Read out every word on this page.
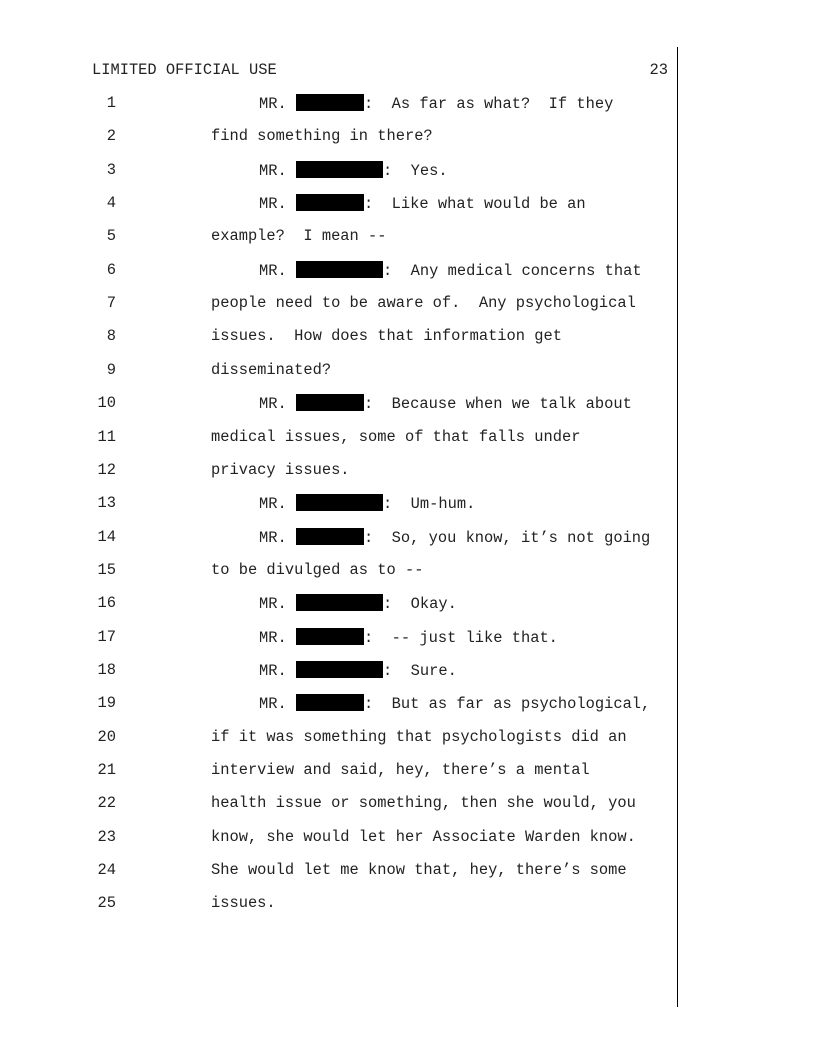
LIMITED OFFICIAL USE	23
1	MR.	:  As far as what?  If they
2	find something in there?
3	MR.	:  Yes.
4	MR.	:  Like what would be an
5	example?  I mean --
6	MR.	:  Any medical concerns that
7	people need to be aware of.  Any psychological
8	issues.  How does that information get
9	disseminated?
10	MR.	:  Because when we talk about
11	medical issues, some of that falls under
12	privacy issues.
13	MR.	:  Um-hum.
14	MR.	:  So, you know, it’s not going
15	to be divulged as to --
16	MR.	:  Okay.
17	MR.	:  -- just like that.
18	MR.	:  Sure.
19	MR.	:  But as far as psychological,
20	if it was something that psychologists did an
21	interview and said, hey, there’s a mental
22	health issue or something, then she would, you
23	know, she would let her Associate Warden know.
24	She would let me know that, hey, there’s some
25	issues.
